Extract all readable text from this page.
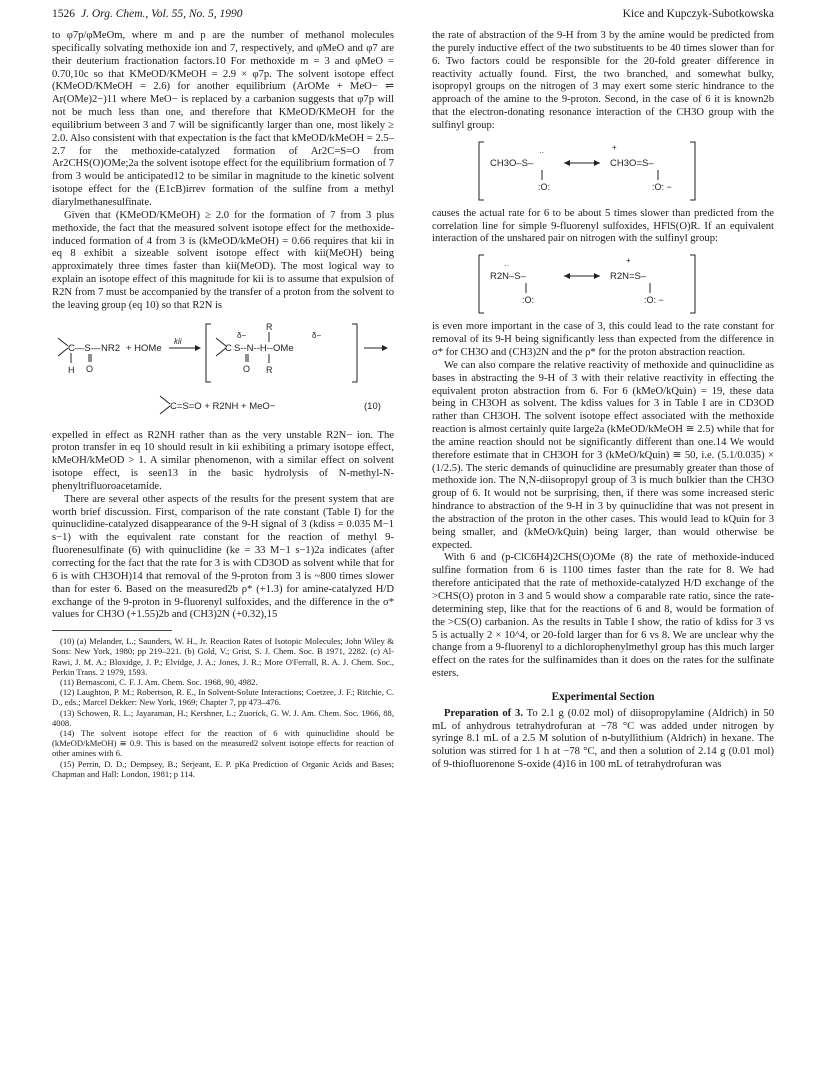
1526 J. Org. Chem., Vol. 55, No. 5, 1990	Kice and Kupczyk-Subotkowska

to φ7p/φMeOm, where m and p are the number of methanol molecules specifically solvating methoxide ion and 7, respectively, and φMeO and φ7 are their deuterium fractionation factors.10 For methoxide m = 3 and φMeO = 0.70,10c so that KMeOD/KMeOH = 2.9 × φ7p. The solvent isotope effect (KMeOD/KMeOH = 2.6) for another equilibrium (ArOMe + MeO− ⇌ Ar(OMe)2−)11 where MeO− is replaced by a carbanion suggests that φ7p will not be much less than one, and therefore that KMeOD/KMeOH for the equilibrium between 3 and 7 will be significantly larger than one, most likely ≥ 2.0. Also consistent with that expectation is the fact that kMeOD/kMeOH = 2.5–2.7 for the methoxide-catalyzed formation of Ar2C=S=O from Ar2CHS(O)OMe;2a the solvent isotope effect for the equilibrium formation of 7 from 3 would be anticipated12 to be similar in magnitude to the kinetic solvent isotope effect for the (E1cB)irrev formation of the sulfine from a methyl diarylmethanesulfinate.

Given that (KMeOD/KMeOH) ≥ 2.0 for the formation of 7 from 3 plus methoxide, the fact that the measured solvent isotope effect for the methoxide-induced formation of 4 from 3 is (kMeOD/kMeOH) = 0.66 requires that kii in eq 8 exhibit a sizeable solvent isotope effect with kii(MeOH) being approximately three times faster than kii(MeOD). The most logical way to explain an isotope effect of this magnitude for kii is to assume that expulsion of R2N from 7 must be accompanied by the transfer of a proton from the solvent to the leaving group (eq 10) so that R2N is

C—S— NR2
H O
+ HOMe
kii
δ−
C S--N--H--OMe
R
δ−
O R
C=S=O + R2NH + MeO−	(10)

expelled in effect as R2NH rather than as the very unstable R2N− ion. The proton transfer in eq 10 should result in kii exhibiting a primary isotope effect, kMeOH/kMeOD > 1. A similar phenomenon, with a similar effect on solvent isotope effect, is seen13 in the basic hydrolysis of N-methyl-N-phenyltrifluoroacetamide.

There are several other aspects of the results for the present system that are worth brief discussion. First, comparison of the rate constant (Table I) for the quinuclidine-catalyzed disappearance of the 9-H signal of 3 (kdiss = 0.035 M−1 s−1) with the equivalent rate constant for the reaction of methyl 9-fluorenesulfinate (6) with quinuclidine (ke = 33 M−1 s−1)2a indicates (after correcting for the fact that the rate for 3 is with CD3OD as solvent while that for 6 is with CH3OH)14 that removal of the 9-proton from 3 is ~800 times slower than for ester 6. Based on the measured2b ρ* (+1.3) for amine-catalyzed H/D exchange of the 9-proton in 9-fluorenyl sulfoxides, and the difference in the σ* values for CH3O (+1.55)2b and (CH3)2N (+0.32),15

(10) (a) Melander, L.; Saunders, W. H., Jr. Reaction Rates of Isotopic Molecules; John Wiley & Sons: New York, 1980; pp 219–221. (b) Gold, V.; Grist, S. J. Chem. Soc. B 1971, 2282. (c) Al-Rawi, J. M. A.; Bloxidge, J. P.; Elvidge, J. A.; Jones, J. R.; More O'Ferrall, R. A. J. Chem. Soc., Perkin Trans. 2 1979, 1593.

(11) Bernasconi, C. F. J. Am. Chem. Soc. 1968, 90, 4982.

(12) Laughton, P. M.; Robertson, R. E., In Solvent-Solute Interactions; Coetzee, J. F.; Ritchie, C. D., eds.; Marcel Dekker: New York, 1969; Chapter 7, pp 473–476.

(13) Schowen, R. L.; Jayaraman, H.; Kershner, L.; Zuorick, G. W. J. Am. Chem. Soc. 1966, 88, 4008.

(14) The solvent isotope effect for the reaction of 6 with quinuclidine should be (kMeOD/kMeOH) ≅ 0.9. This is based on the measured2 solvent isotope effects for reaction of other amines with 6.

(15) Perrin, D. D.; Dempsey, B.; Serjeant, E. P. pKa Prediction of Organic Acids and Bases; Chapman and Hall: London, 1981; p 114.

the rate of abstraction of the 9-H from 3 by the amine would be predicted from the purely inductive effect of the two substituents to be 40 times slower than for 6. Two factors could be responsible for the 20-fold greater difference in reactivity actually found. First, the two branched, and somewhat bulky, isopropyl groups on the nitrogen of 3 may exert some steric hindrance to the approach of the amine to the 9-proton. Second, in the case of 6 it is known2b that the electron-donating resonance interaction of the CH3O group with the sulfinyl group:

CH3O–S–
··
:O:
+
CH3O=S–
:O: −

causes the actual rate for 6 to be about 5 times slower than predicted from the correlation line for simple 9-fluorenyl sulfoxides, HFlS(O)R. If an equivalent interaction of the unshared pair on nitrogen with the sulfinyl group:

R2N–S–
··
:O:
+
R2N=S–
:O: −

is even more important in the case of 3, this could lead to the rate constant for removal of its 9-H being significantly less than expected from the difference in σ* for CH3O and (CH3)2N and the ρ* for the proton abstraction reaction.

We can also compare the relative reactivity of methoxide and quinuclidine as bases in abstracting the 9-H of 3 with their relative reactivity in effecting the equivalent proton abstraction from 6. For 6 (kMeO/kQuin) = 19, these data being in CH3OH as solvent. The kdiss values for 3 in Table I are in CD3OD rather than CH3OH. The solvent isotope effect associated with the methoxide reaction is almost certainly quite large2a (kMeOD/kMeOH ≅ 2.5) while that for the amine reaction should not be significantly different than one.14 We would therefore estimate that in CH3OH for 3 (kMeO/kQuin) ≅ 50, i.e. (5.1/0.035) × (1/2.5). The steric demands of quinuclidine are presumably greater than those of methoxide ion. The N,N-diisopropyl group of 3 is much bulkier than the CH3O group of 6. It would not be surprising, then, if there was some increased steric hindrance to abstraction of the 9-H in 3 by quinuclidine that was not present in the abstraction of the proton in the other cases. This would lead to kQuin for 3 being smaller, and (kMeO/kQuin) being larger, than would otherwise be expected.

With 6 and (p-ClC6H4)2CHS(O)OMe (8) the rate of methoxide-induced sulfine formation from 6 is 1100 times faster than the rate for 8. We had therefore anticipated that the rate of methoxide-catalyzed H/D exchange of the >CHS(O) proton in 3 and 5 would show a comparable rate ratio, since the rate-determining step, like that for the reactions of 6 and 8, would be formation of the >CS(O) carbanion. As the results in Table I show, the ratio of kdiss for 3 vs 5 is actually 2 × 10^4, or 20-fold larger than for 6 vs 8. We are unclear why the change from a 9-fluorenyl to a dichlorophenylmethyl group has this much larger effect on the rates for the sulfinamides than it does on the rates for the sulfinate esters.

Experimental Section

Preparation of 3. To 2.1 g (0.02 mol) of diisopropylamine (Aldrich) in 50 mL of anhydrous tetrahydrofuran at −78 °C was added under nitrogen by syringe 8.1 mL of a 2.5 M solution of n-butyllithium (Aldrich) in hexane. The solution was stirred for 1 h at −78 °C, and then a solution of 2.14 g (0.01 mol) of 9-thiofluorenone S-oxide (4)16 in 100 mL of tetrahydrofuran was
